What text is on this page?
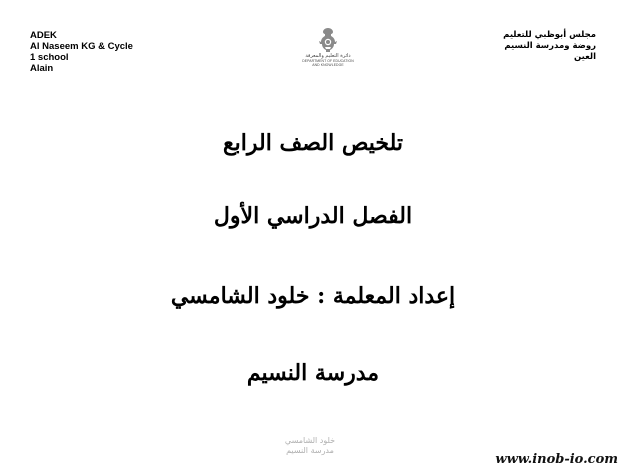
ADEK
Al Naseem KG & Cycle
1 school
Alain
دائرة التعليم والمعرفة
DEPARTMENT OF EDUCATION
AND KNOWLEDGE
مجلس أبوظبي للتعليم
روضة ومدرسة النسيم
العين
تلخيص الصف الرابع
الفصل الدراسي الأول
إعداد المعلمة : خلود الشامسي
مدرسة النسيم
خلود الشامسي
مدرسة النسيم
www.inob-io.com
